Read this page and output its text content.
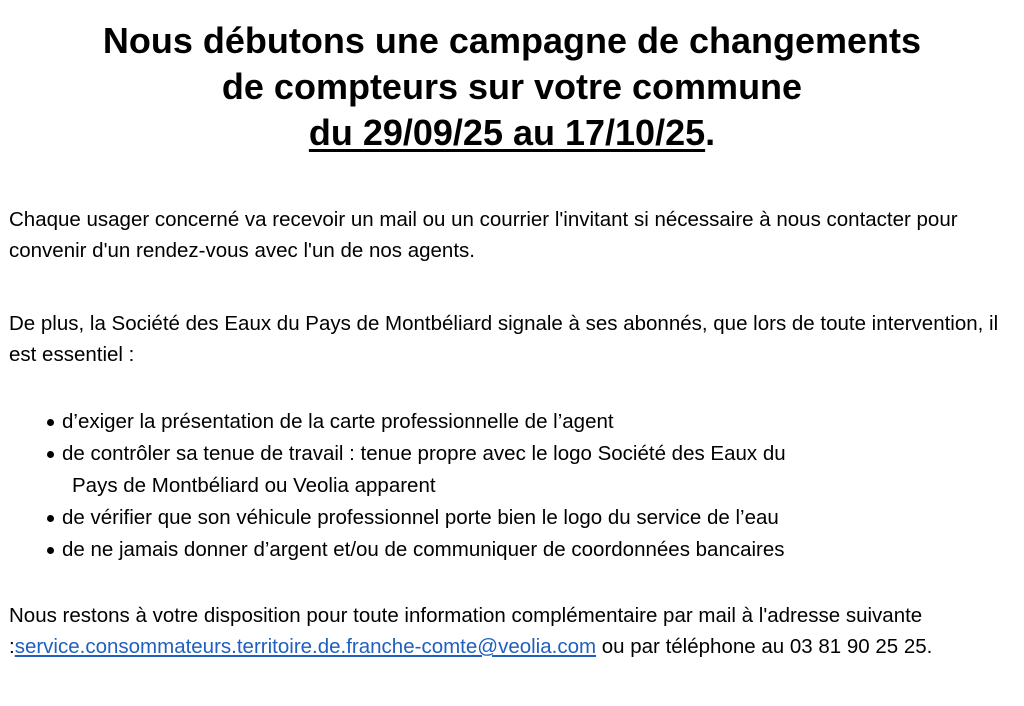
Nous débutons une campagne de changements
de compteurs sur votre commune
du 29/09/25 au 17/10/25.
Chaque usager concerné va recevoir un mail ou un courrier l'invitant si nécessaire à nous contacter pour convenir d'un rendez-vous avec l'un de nos agents.
De plus, la Société des Eaux du Pays de Montbéliard signale à ses abonnés, que lors de toute intervention, il est essentiel :
d’exiger la présentation de la carte professionnelle de l’agent
de contrôler sa tenue de travail : tenue propre avec le logo Société des Eaux du
Pays de Montbéliard ou Veolia apparent
de vérifier que son véhicule professionnel porte bien le logo du service de l’eau
de ne jamais donner d’argent et/ou de communiquer de coordonnées bancaires
Nous restons à votre disposition pour toute information complémentaire par mail à l'adresse suivante :service.consommateurs.territoire.de.franche-comte@veolia.com ou par téléphone au 03 81 90 25 25.
